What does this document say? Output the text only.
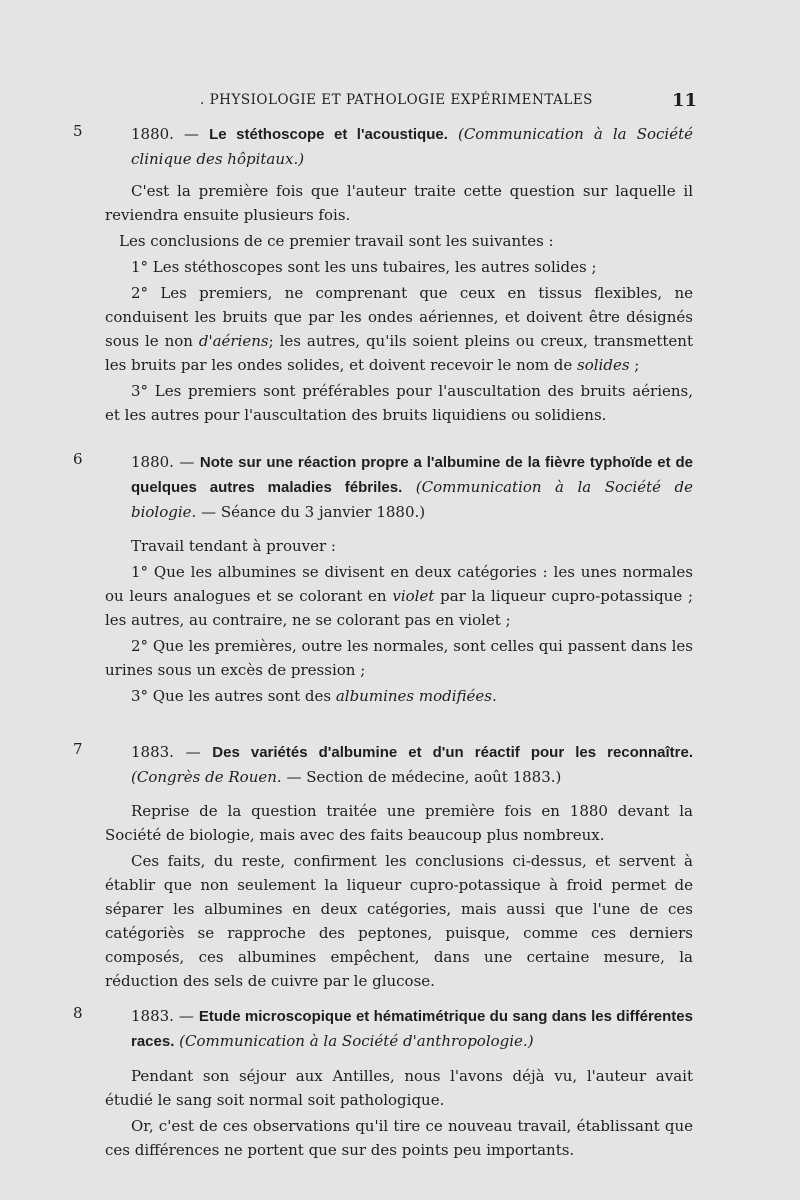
. PHYSIOLOGIE ET PATHOLOGIE EXPÉRIMENTALES	11
5	1880. — Le stéthoscope et l'acoustique. (Communication à la Société clinique des hôpitaux.)

C'est la première fois que l'auteur traite cette question sur laquelle il reviendra ensuite plusieurs fois.

Les conclusions de ce premier travail sont les suivantes :

1° Les stéthoscopes sont les uns tubaires, les autres solides ;

2° Les premiers, ne comprenant que ceux en tissus flexibles, ne conduisent les bruits que par les ondes aériennes, et doivent être désignés sous le non d'aériens; les autres, qu'ils soient pleins ou creux, transmettent les bruits par les ondes solides, et doivent recevoir le nom de solides ;

3° Les premiers sont préférables pour l'auscultation des bruits aériens, et les autres pour l'auscultation des bruits liquidiens ou solidiens.

6	1880. — Note sur une réaction propre a l'albumine de la fièvre typhoïde et de quelques autres maladies fébriles. (Communication à la Société de biologie. — Séance du 3 janvier 1880.)

Travail tendant à prouver :

1° Que les albumines se divisent en deux catégories : les unes normales ou leurs analogues et se colorant en violet par la liqueur cupro-potassique ; les autres, au contraire, ne se colorant pas en violet ;

2° Que les premières, outre les normales, sont celles qui passent dans les urines sous un excès de pression ;

3° Que les autres sont des albumines modifiées.

7	1883. — Des variétés d'albumine et d'un réactif pour les reconnaître. (Congrès de Rouen. — Section de médecine, août 1883.)

Reprise de la question traitée une première fois en 1880 devant la Société de biologie, mais avec des faits beaucoup plus nombreux.

Ces faits, du reste, confirment les conclusions ci-dessus, et servent à établir que non seulement la liqueur cupro-potassique à froid permet de séparer les albumines en deux catégories, mais aussi que l'une de ces catégoriès se rapproche des peptones, puisque, comme ces derniers composés, ces albumines empêchent, dans une certaine mesure, la réduction des sels de cuivre par le glucose.

8	1883. — Etude microscopique et hématimétrique du sang dans les différentes races. (Communication à la Société d'anthropologie.)

Pendant son séjour aux Antilles, nous l'avons déjà vu, l'auteur avait étudié le sang soit normal soit pathologique.

Or, c'est de ces observations qu'il tire ce nouveau travail, établissant que ces différences ne portent que sur des points peu importants.
